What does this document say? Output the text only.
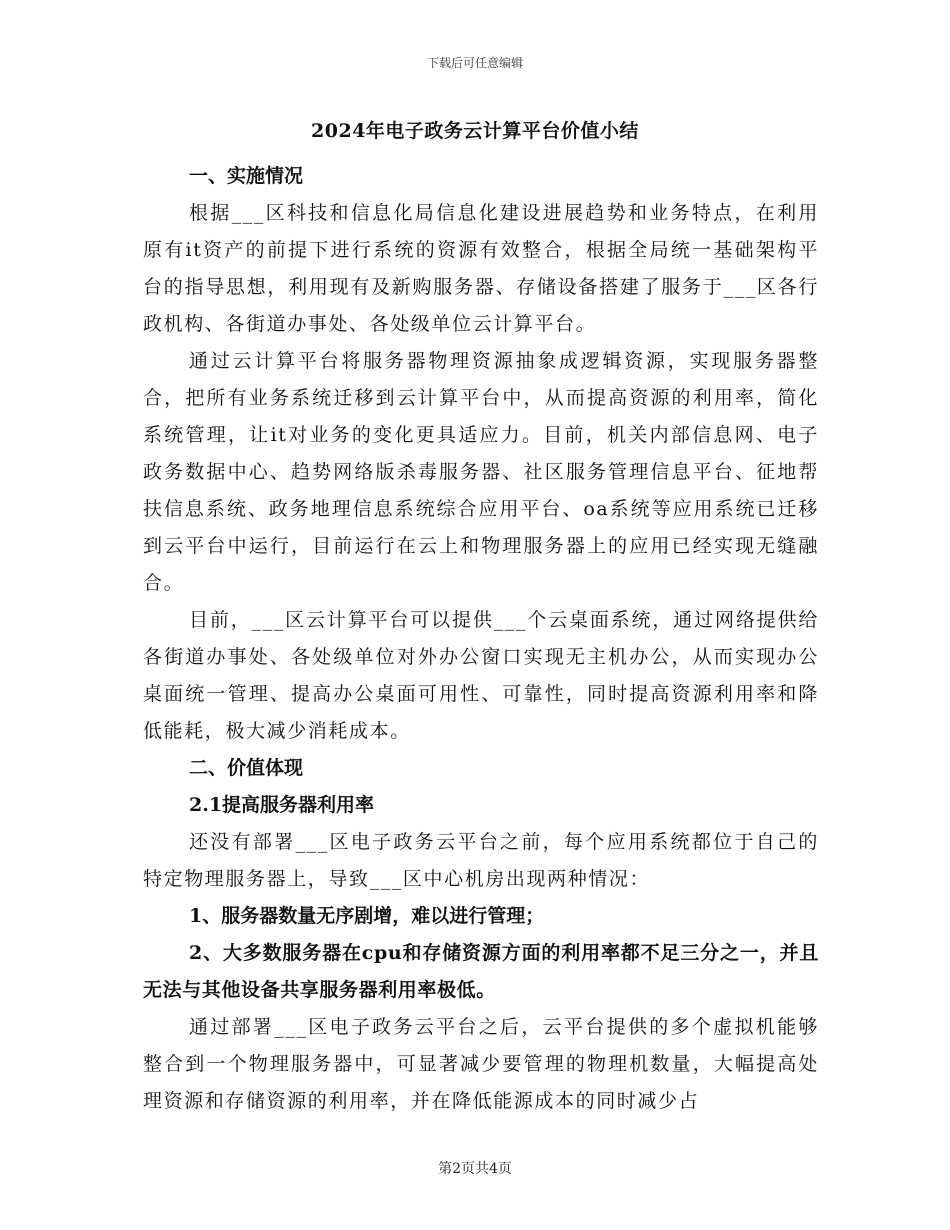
下载后可任意编辑
2024年电子政务云计算平台价值小结

一、实施情况

根据___区科技和信息化局信息化建设进展趋势和业务特点，在利用原有it资产的前提下进行系统的资源有效整合，根据全局统一基础架构平台的指导思想，利用现有及新购服务器、存储设备搭建了服务于___区各行政机构、各街道办事处、各处级单位云计算平台。

通过云计算平台将服务器物理资源抽象成逻辑资源，实现服务器整合，把所有业务系统迁移到云计算平台中，从而提高资源的利用率，简化系统管理，让it对业务的变化更具适应力。目前，机关内部信息网、电子政务数据中心、趋势网络版杀毒服务器、社区服务管理信息平台、征地帮扶信息系统、政务地理信息系统综合应用平台、oa系统等应用系统已迁移到云平台中运行，目前运行在云上和物理服务器上的应用已经实现无缝融合。

目前，___区云计算平台可以提供___个云桌面系统，通过网络提供给各街道办事处、各处级单位对外办公窗口实现无主机办公，从而实现办公桌面统一管理、提高办公桌面可用性、可靠性，同时提高资源利用率和降低能耗，极大减少消耗成本。

二、价值体现

2.1提高服务器利用率

还没有部署___区电子政务云平台之前，每个应用系统都位于自己的特定物理服务器上，导致___区中心机房出现两种情况：

1、服务器数量无序剧增，难以进行管理；

2、大多数服务器在cpu和存储资源方面的利用率都不足三分之一，并且无法与其他设备共享服务器利用率极低。

通过部署___区电子政务云平台之后，云平台提供的多个虚拟机能够整合到一个物理服务器中，可显著减少要管理的物理机数量，大幅提高处理资源和存储资源的利用率，并在降低能源成本的同时减少占

第2页共4页
